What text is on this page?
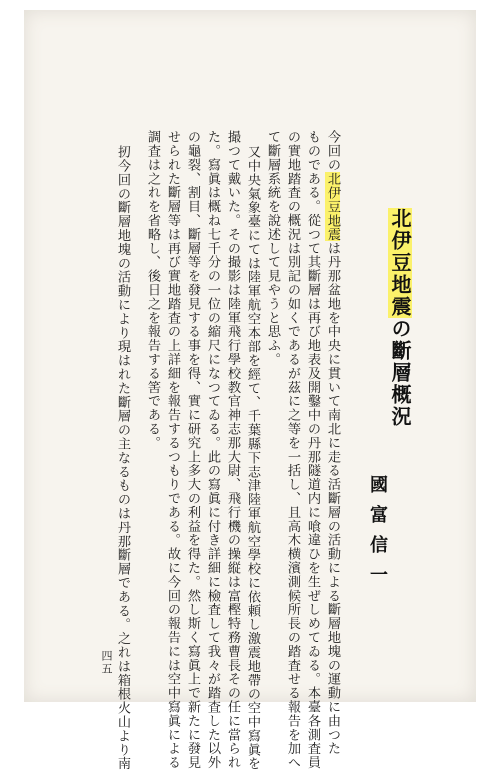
北伊豆地震の斷層概況
國富信一
今回の北伊豆地震は丹那盆地を中央に貫いて南北に走る活斷層の活動による斷層地塊の運動に由つた
ものである。從つて其斷層は再び地表及開鑿中の丹那隧道内に喰違ひを生ぜしめてゐる。本臺各測査員
の實地踏査の概況は別記の如くであるが茲に之等を一括し、且高木横濱測候所長の踏査せる報告を加へ
て斷層系統を說述して見やうと思ふ。
又中央氣象臺にては陸軍航空本部を經て、千葉縣下志津陸軍航空學校に依頼し激震地帶の空中寫眞を
撮つて戴いた。その撮影は陸軍飛行學校教官神志那大尉、飛行機の操縦は富樫特務曹長その任に當られ
た。寫眞は概ね七千分の一位の縮尺になつてゐる。此の寫眞に付き詳細に檢査して我々が踏査した以外
の龜裂、割目、斷層等を發見する事を得、實に研究上多大の利益を得た。然し斯く寫眞上で新たに發見
せられた斷層等は再び實地踏査の上詳細を報告するつもりである。故に今回の報告には空中寫眞による
調査は之れを省略し、後日之を報告する筈である。
扨今回の斷層地塊の活動により現はれた斷層の主なるものは丹那斷層である。之れは箱根火山より南
四五
